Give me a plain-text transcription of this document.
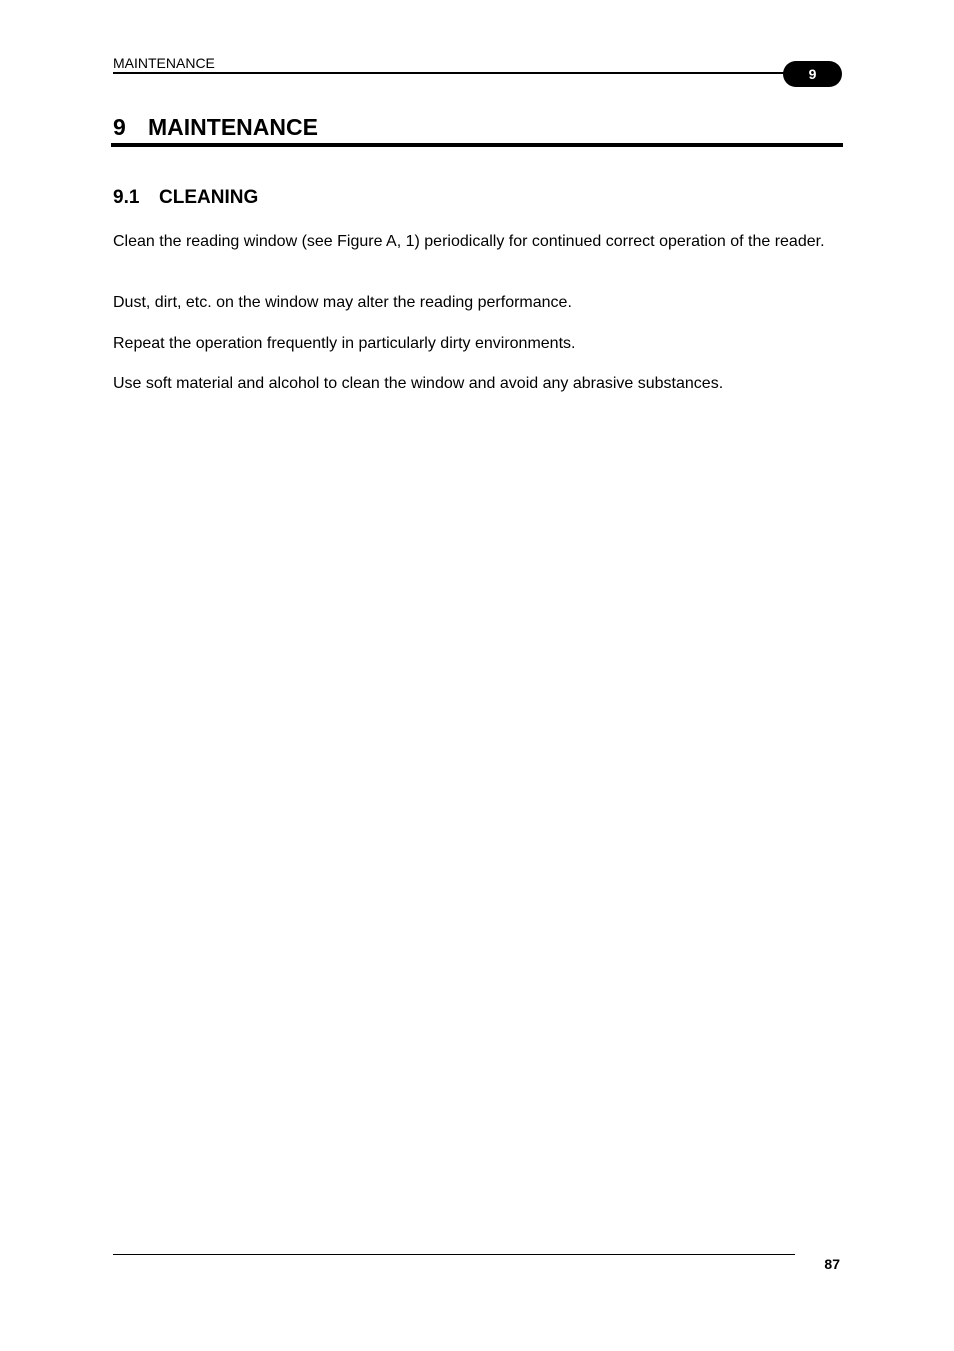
MAINTENANCE
9
9 MAINTENANCE
9.1 CLEANING

Clean the reading window (see Figure A, 1) periodically for continued correct operation of the reader.

Dust, dirt, etc. on the window may alter the reading performance.

Repeat the operation frequently in particularly dirty environments.

Use soft material and alcohol to clean the window and avoid any abrasive substances.

87
